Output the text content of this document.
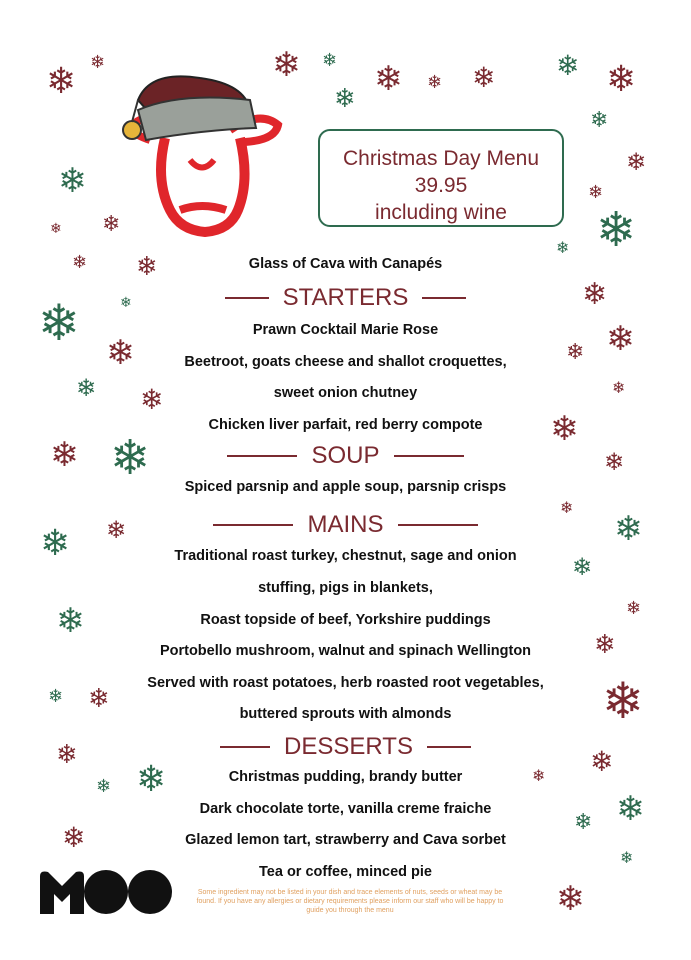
❄ ❄	❄ ❄
❄ ❄ ❄ ❄ ❄ ❄
❄
❄
❄
❄
❄
❄
❄
❄
❄
❄
❄
❄
❄
❄
❄
❄
❄
❄
❄
❄
❄
❄
❄
❄
❄
❄
❄ ❄
❄
❄
❄
❄ ❄
❄ ❄
❄
❄
❄
❄
❄
❄
❄
❄
❄
Christmas Day Menu
39.95
including wine
Glass of Cava with Canapés
STARTERS
Prawn Cocktail Marie Rose
Beetroot, goats cheese and shallot croquettes,
sweet onion chutney
Chicken liver parfait, red berry compote
SOUP
Spiced parsnip and apple soup, parsnip crisps
MAINS
Traditional roast turkey, chestnut, sage and onion
stuffing, pigs in blankets,
Roast topside of beef, Yorkshire puddings
Portobello mushroom, walnut and spinach Wellington
Served with roast potatoes, herb roasted root vegetables,
buttered sprouts with almonds
DESSERTS
Christmas pudding, brandy butter
Dark chocolate torte, vanilla creme fraiche
Glazed lemon tart, strawberry and Cava sorbet
Tea or coffee, minced pie
Some ingredient may not be listed in your dish and trace elements of nuts, seeds or wheat may be found. If you have any allergies or dietary requirements please inform our staff who will be happy to guide you through the menu
